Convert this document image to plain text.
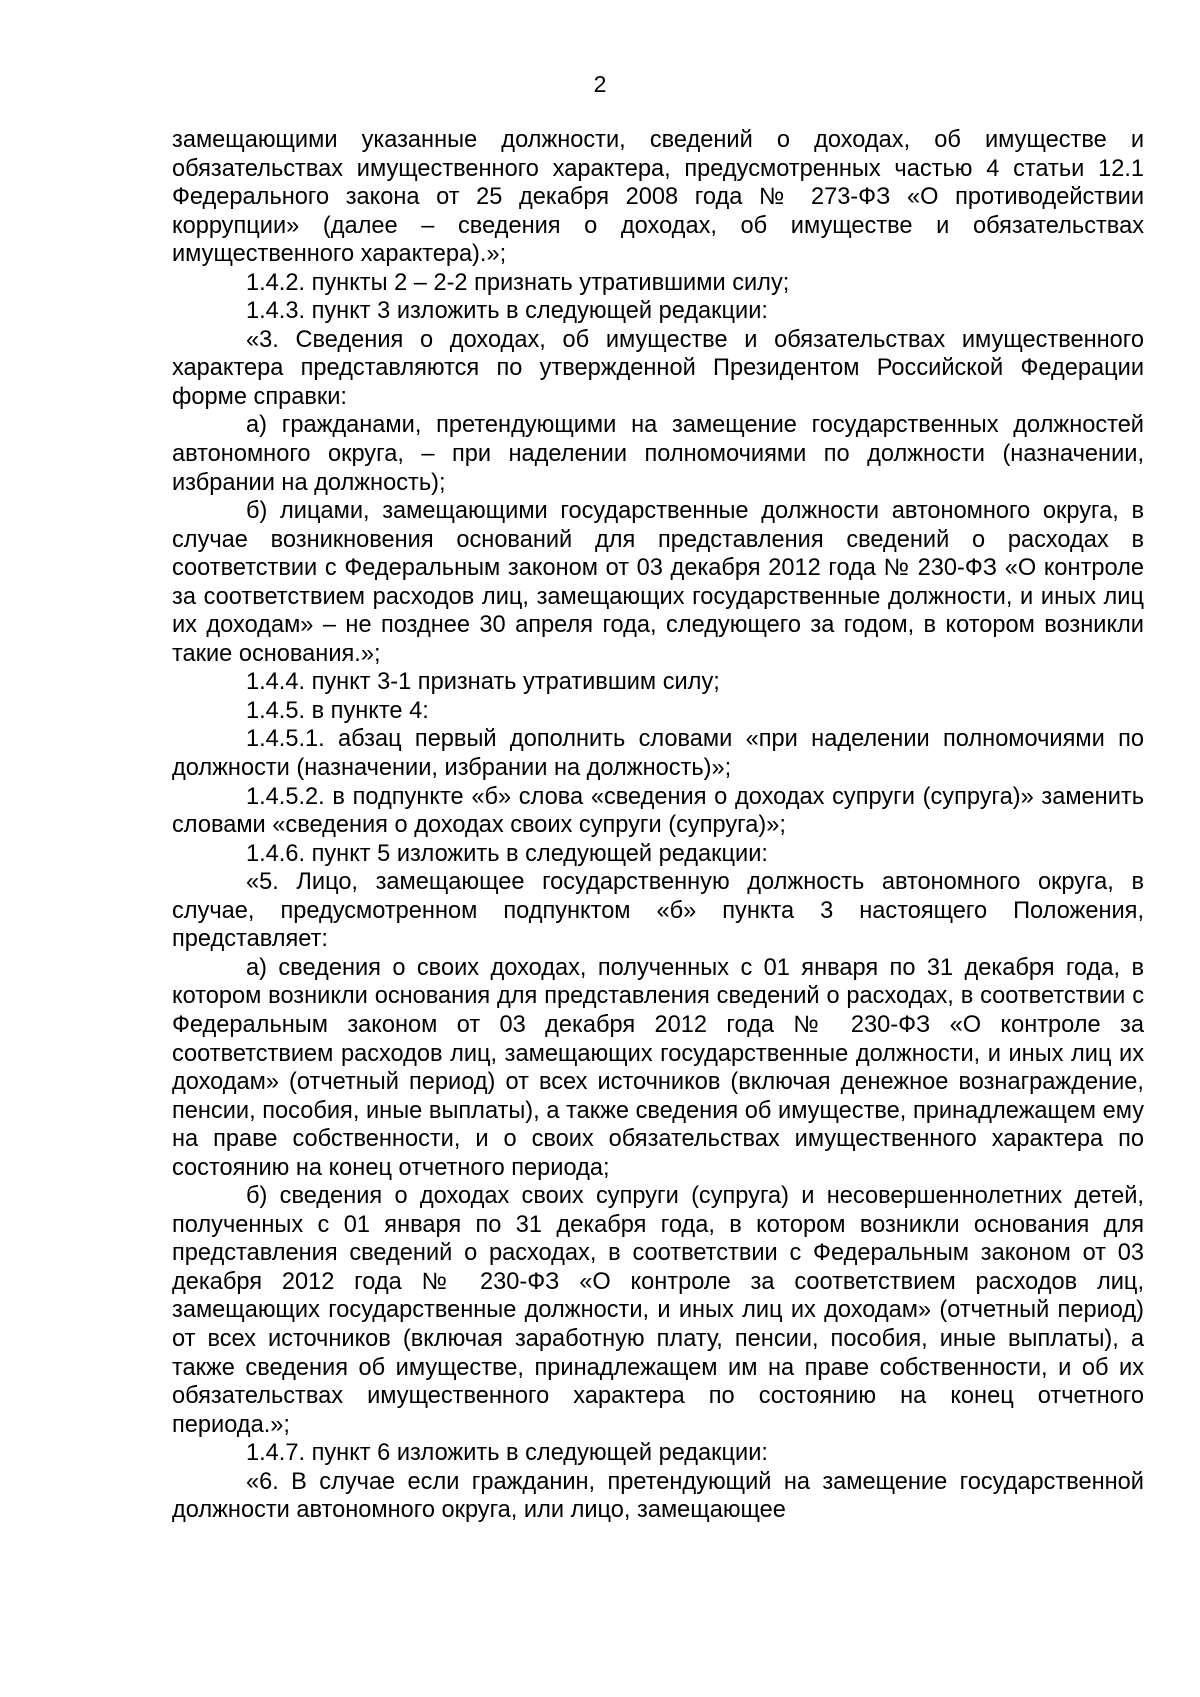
2

замещающими указанные должности, сведений о доходах, об имуществе и обязательствах имущественного характера, предусмотренных частью 4 статьи 12.1 Федерального закона от 25 декабря 2008 года № 273-ФЗ «О противодействии коррупции» (далее – сведения о доходах, об имуществе и обязательствах имущественного характера).»;

1.4.2. пункты 2 – 2-2 признать утратившими силу;

1.4.3. пункт 3 изложить в следующей редакции:

«3. Сведения о доходах, об имуществе и обязательствах имущественного характера представляются по утвержденной Президентом Российской Федерации форме справки:

а) гражданами, претендующими на замещение государственных должностей автономного округа, – при наделении полномочиями по должности (назначении, избрании на должность);

б) лицами, замещающими государственные должности автономного округа, в случае возникновения оснований для представления сведений о расходах в соответствии с Федеральным законом от 03 декабря 2012 года № 230-ФЗ «О контроле за соответствием расходов лиц, замещающих государственные должности, и иных лиц их доходам» – не позднее 30 апреля года, следующего за годом, в котором возникли такие основания.»;

1.4.4. пункт 3-1 признать утратившим силу;

1.4.5. в пункте 4:

1.4.5.1. абзац первый дополнить словами «при наделении полномочиями по должности (назначении, избрании на должность)»;

1.4.5.2. в подпункте «б» слова «сведения о доходах супруги (супруга)» заменить словами «сведения о доходах своих супруги (супруга)»;

1.4.6. пункт 5 изложить в следующей редакции:

«5. Лицо, замещающее государственную должность автономного округа, в случае, предусмотренном подпунктом «б» пункта 3 настоящего Положения, представляет:

а) сведения о своих доходах, полученных с 01 января по 31 декабря года, в котором возникли основания для представления сведений о расходах, в соответствии с Федеральным законом от 03 декабря 2012 года № 230-ФЗ «О контроле за соответствием расходов лиц, замещающих государственные должности, и иных лиц их доходам» (отчетный период) от всех источников (включая денежное вознаграждение, пенсии, пособия, иные выплаты), а также сведения об имуществе, принадлежащем ему на праве собственности, и о своих обязательствах имущественного характера по состоянию на конец отчетного периода;

б) сведения о доходах своих супруги (супруга) и несовершеннолетних детей, полученных с 01 января по 31 декабря года, в котором возникли основания для представления сведений о расходах, в соответствии с Федеральным законом от 03 декабря 2012 года № 230-ФЗ «О контроле за соответствием расходов лиц, замещающих государственные должности, и иных лиц их доходам» (отчетный период) от всех источников (включая заработную плату, пенсии, пособия, иные выплаты), а также сведения об имуществе, принадлежащем им на праве собственности, и об их обязательствах имущественного характера по состоянию на конец отчетного периода.»;

1.4.7. пункт 6 изложить в следующей редакции:

«6. В случае если гражданин, претендующий на замещение государственной должности автономного округа, или лицо, замещающее
